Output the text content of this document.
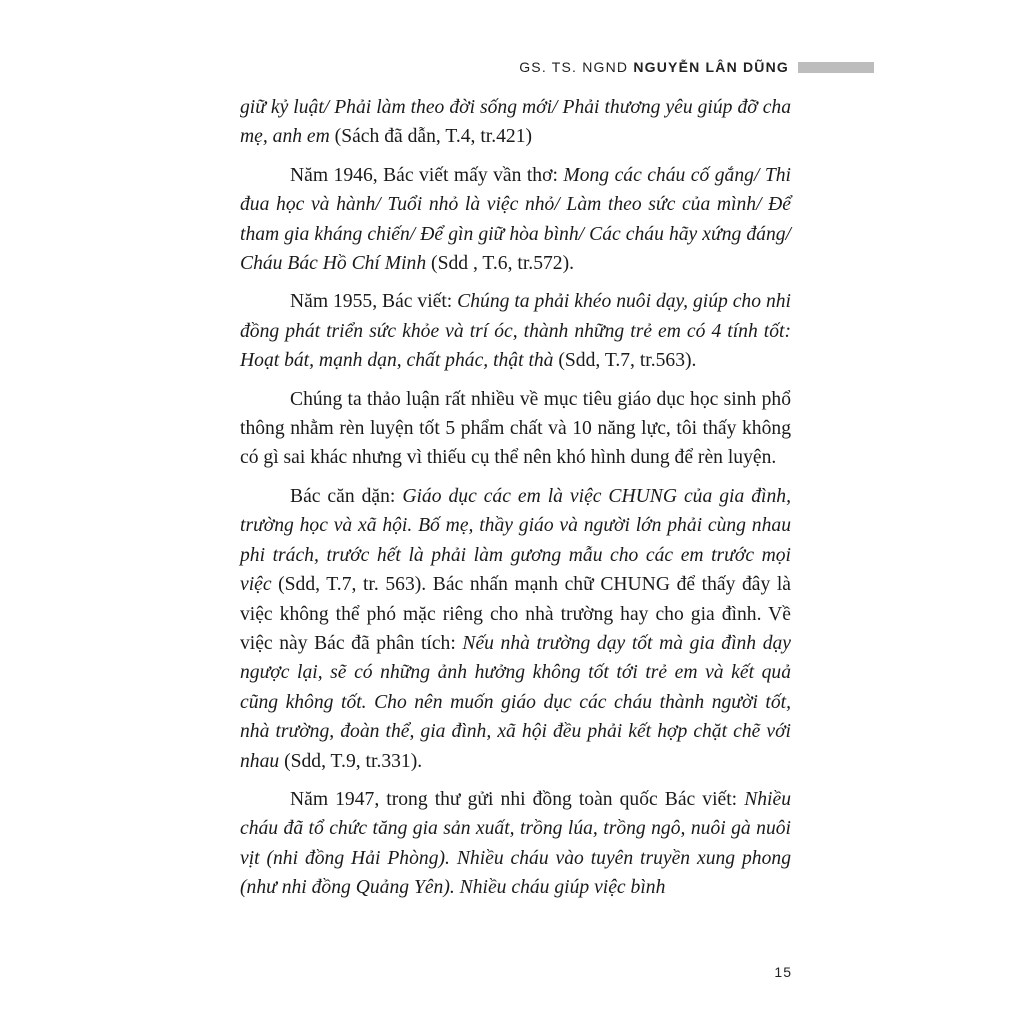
GS. TS. NGND NGUYỄN LÂN DŨNG

giữ kỷ luật/ Phải làm theo đời sống mới/ Phải thương yêu giúp đỡ cha mẹ, anh em (Sách đã dẫn, T.4, tr.421)

Năm 1946, Bác viết mấy vần thơ: Mong các cháu cố gắng/ Thi đua học và hành/ Tuổi nhỏ là việc nhỏ/ Làm theo sức của mình/ Để tham gia kháng chiến/ Để gìn giữ hòa bình/ Các cháu hãy xứng đáng/ Cháu Bác Hồ Chí Minh (Sdd , T.6, tr.572).

Năm 1955, Bác viết: Chúng ta phải khéo nuôi dạy, giúp cho nhi đồng phát triển sức khỏe và trí óc, thành những trẻ em có 4 tính tốt: Hoạt bát, mạnh dạn, chất phác, thật thà (Sdd, T.7, tr.563).

Chúng ta thảo luận rất nhiều về mục tiêu giáo dục học sinh phổ thông nhằm rèn luyện tốt 5 phẩm chất và 10 năng lực, tôi thấy không có gì sai khác nhưng vì thiếu cụ thể nên khó hình dung để rèn luyện.

Bác căn dặn: Giáo dục các em là việc CHUNG của gia đình, trường học và xã hội. Bố mẹ, thầy giáo và người lớn phải cùng nhau phi trách, trước hết là phải làm gương mẫu cho các em trước mọi việc (Sdd, T.7, tr. 563). Bác nhấn mạnh chữ CHUNG để thấy đây là việc không thể phó mặc riêng cho nhà trường hay cho gia đình. Về việc này Bác đã phân tích: Nếu nhà trường dạy tốt mà gia đình dạy ngược lại, sẽ có những ảnh hưởng không tốt tới trẻ em và kết quả cũng không tốt. Cho nên muốn giáo dục các cháu thành người tốt, nhà trường, đoàn thể, gia đình, xã hội đều phải kết hợp chặt chẽ với nhau (Sdd, T.9, tr.331).

Năm 1947, trong thư gửi nhi đồng toàn quốc Bác viết: Nhiều cháu đã tổ chức tăng gia sản xuất, trồng lúa, trồng ngô, nuôi gà nuôi vịt (nhi đồng Hải Phòng). Nhiều cháu vào tuyên truyền xung phong (như nhi đồng Quảng Yên). Nhiều cháu giúp việc bình

15
